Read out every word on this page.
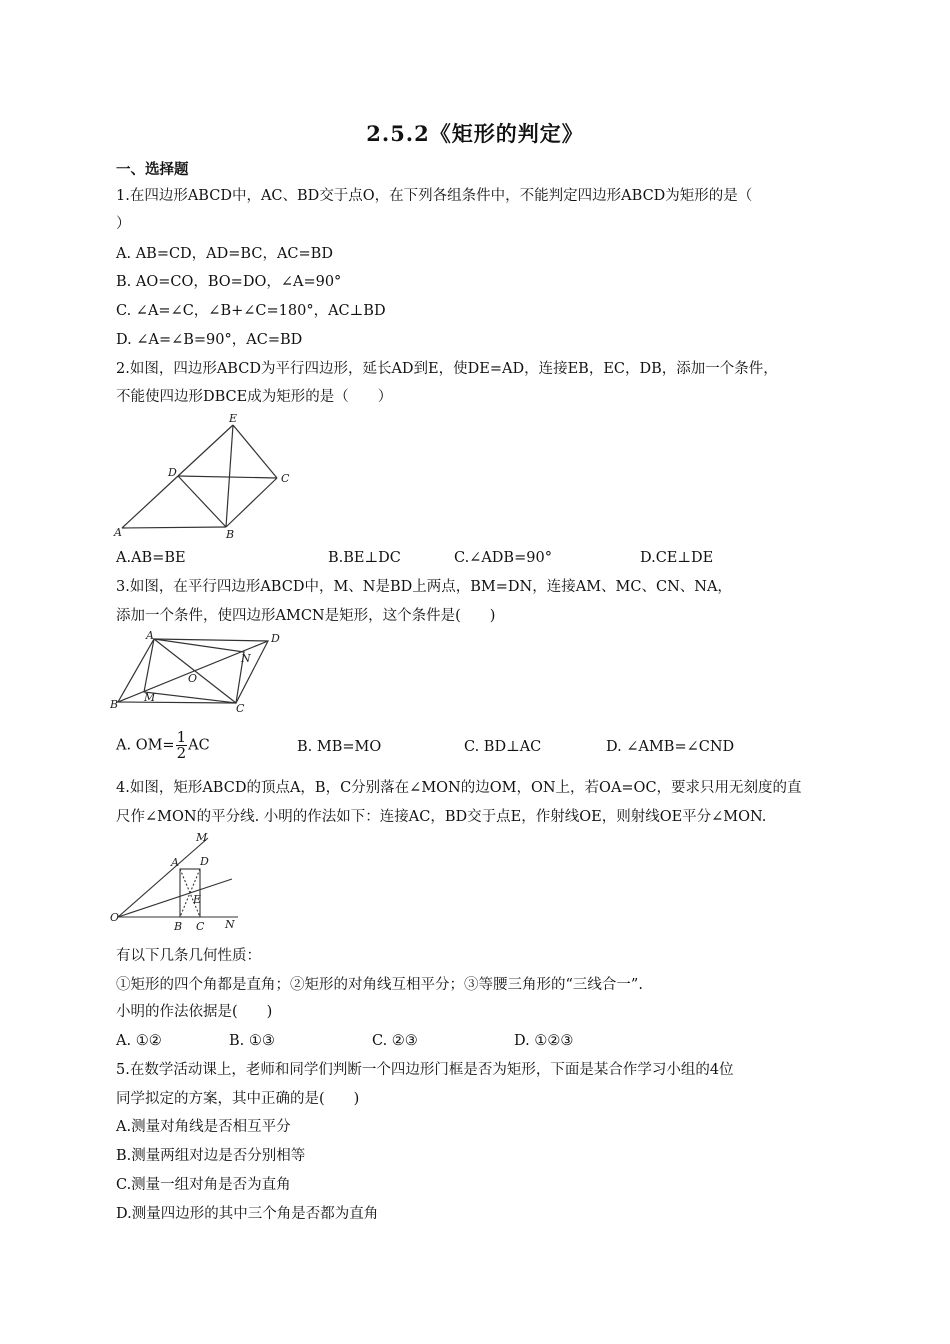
2.5.2《矩形的判定》
一、选择题
1.在四边形ABCD中，AC、BD交于点O，在下列各组条件中，不能判定四边形ABCD为矩形的是（
）
A. AB=CD，AD=BC，AC=BD
B. AO=CO，BO=DO，∠A=90°
C. ∠A=∠C，∠B+∠C=180°，AC⊥BD
D. ∠A=∠B=90°，AC=BD
2.如图，四边形ABCD为平行四边形，延长AD到E，使DE=AD，连接EB，EC，DB，添加一个条件，
不能使四边形DBCE成为矩形的是（　　）
E
D	C
A	B
A.AB=BE	B.BE⊥DC	C.∠ADB=90°	D.CE⊥DE
3.如图，在平行四边形ABCD中，M、N是BD上两点，BM=DN，连接AM、MC、CN、NA，
添加一个条件，使四边形AMCN是矩形，这个条件是(　　)
A	D
N
O
M
B	C
A. $OM= \frac{1}{2}$ AC	B. MB=MO	C. BD⊥AC	D. ∠AMB=∠CND
4.如图，矩形ABCD的顶点A，B，C分别落在∠MON的边OM，ON上，若OA=OC，要求只用无刻度的直
尺作∠MON的平分线. 小明的作法如下：连接AC，BD交于点E，作射线OE，则射线OE平分∠MON.
M
A D
E
O
B C N
有以下几条几何性质：
①矩形的四个角都是直角；②矩形的对角线互相平分；③等腰三角形的“三线合一”.
小明的作法依据是(　　)
A. ①②	B. ①③	C. ②③	D. ①②③
5.在数学活动课上，老师和同学们判断一个四边形门框是否为矩形，下面是某合作学习小组的4位
同学拟定的方案，其中正确的是(　　)
A.测量对角线是否相互平分
B.测量两组对边是否分别相等
C.测量一组对角是否为直角
D.测量四边形的其中三个角是否都为直角
